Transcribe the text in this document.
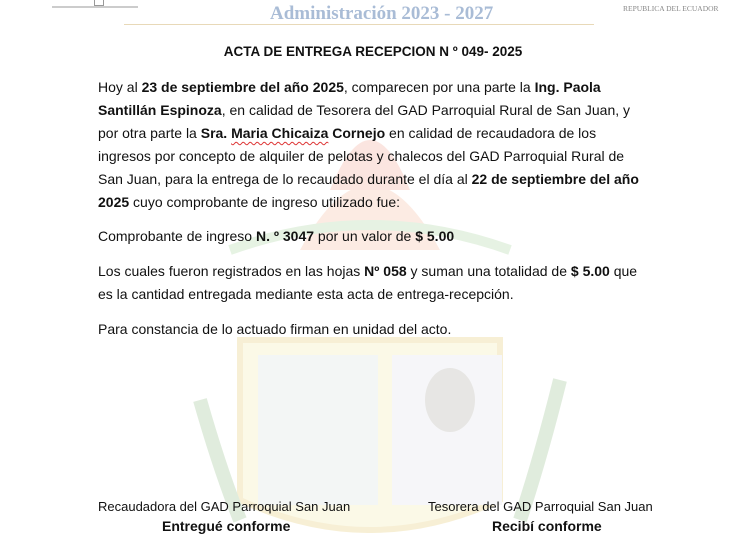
Administración 2023 - 2027	REPUBLICA DEL ECUADOR
ACTA DE ENTREGA RECEPCION N º 049- 2025
Hoy al 23 de septiembre del año 2025, comparecen por una parte la Ing. Paola Santillán Espinoza, en calidad de Tesorera del GAD Parroquial Rural de San Juan, y por otra parte la Sra. Maria Chicaiza Cornejo en calidad de recaudadora de los ingresos por concepto de alquiler de pelotas y chalecos del GAD Parroquial Rural de San Juan, para la entrega de lo recaudado durante el día al 22 de septiembre del año 2025 cuyo comprobante de ingreso utilizado fue:
Comprobante de ingreso N. º 3047 por un valor de $ 5.00
Los cuales fueron registrados en las hojas Nº 058 y suman una totalidad de $ 5.00 que es la cantidad entregada mediante esta acta de entrega-recepción.
Para constancia de lo actuado firman en unidad del acto.
Recaudadora del GAD Parroquial San Juan
Entregué conforme
Tesorera del GAD Parroquial San Juan
Recibí conforme
